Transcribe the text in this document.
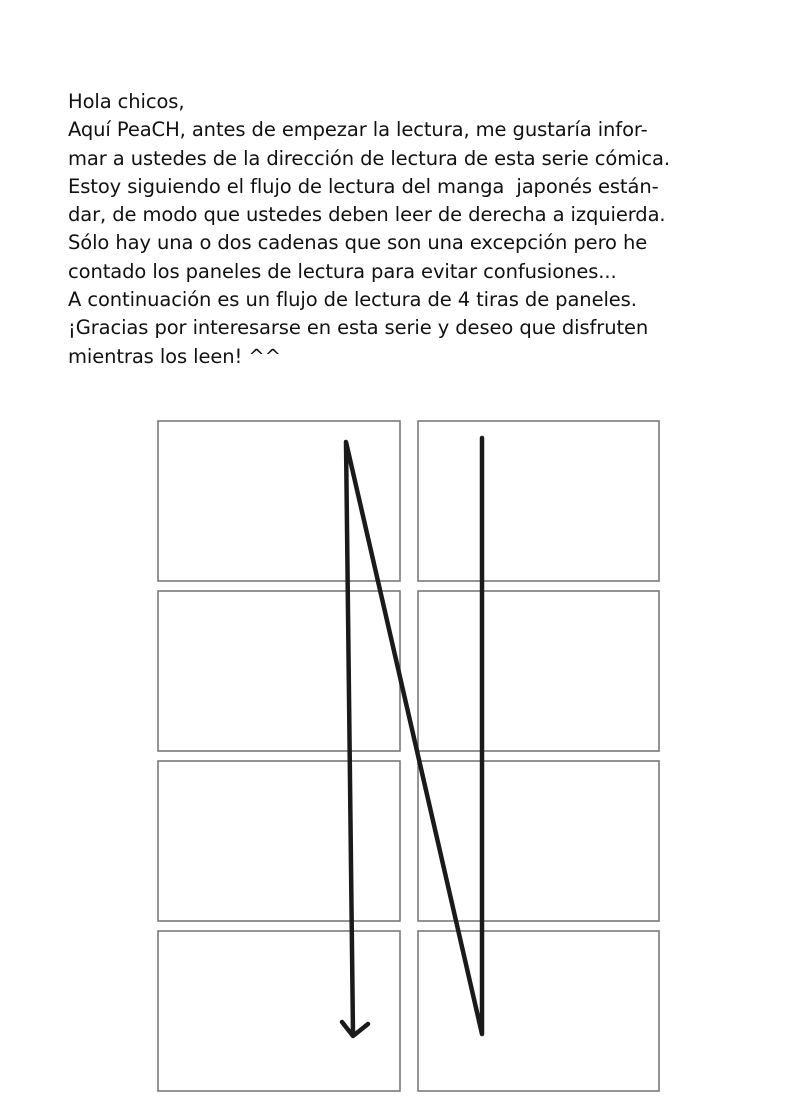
Hola chicos,
Aquí PeaCH, antes de empezar la lectura, me gustaría infor-
mar a ustedes de la dirección de lectura de esta serie cómica.
Estoy siguiendo el flujo de lectura del manga  japonés están-
dar, de modo que ustedes deben leer de derecha a izquierda.
Sólo hay una o dos cadenas que son una excepción pero he
contado los paneles de lectura para evitar confusiones...
A continuación es un flujo de lectura de 4 tiras de paneles.
¡Gracias por interesarse en esta serie y deseo que disfruten
mientras los leen! ^^
